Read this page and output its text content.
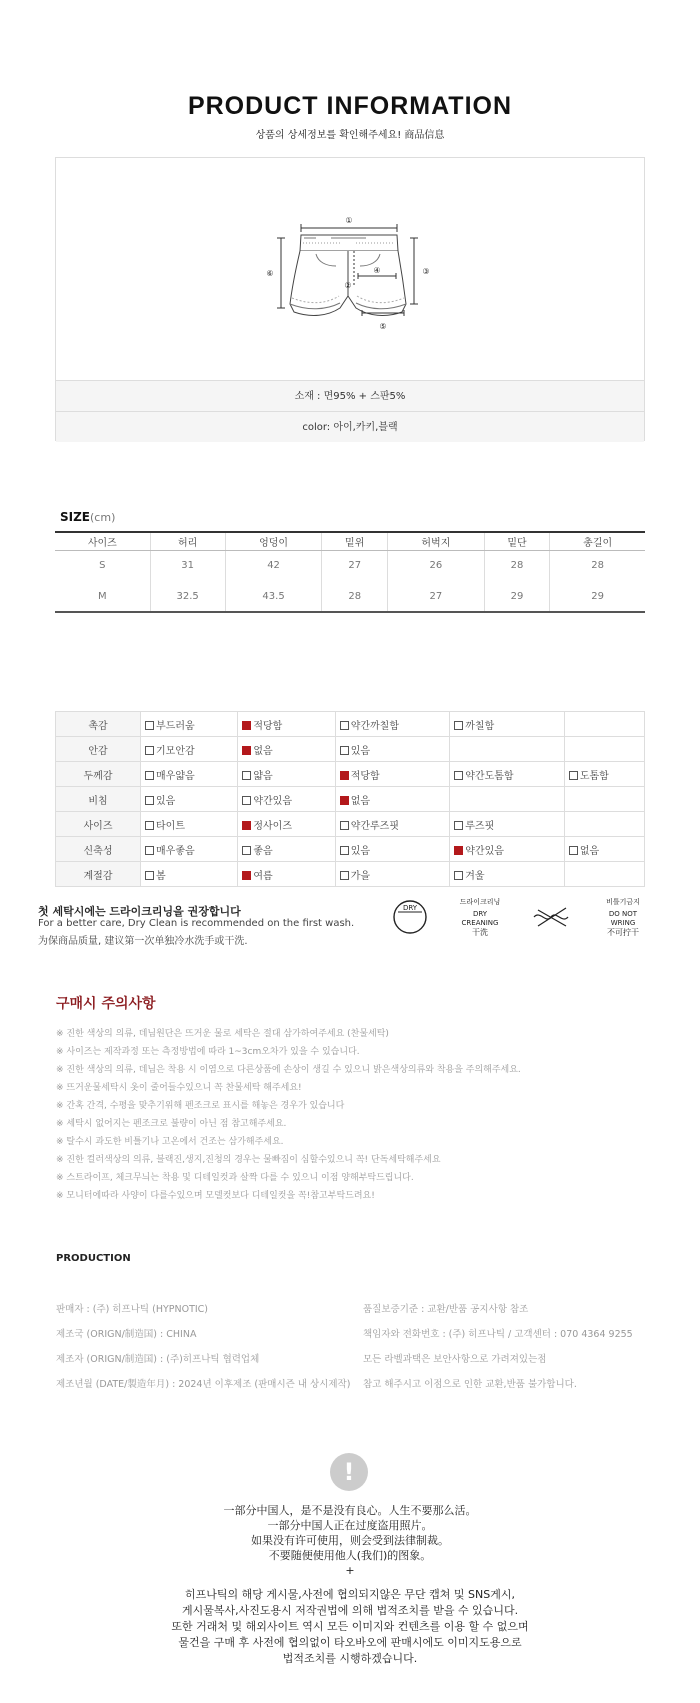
PRODUCT INFORMATION
상품의 상세정보를 확인해주세요! 商品信息
①
②
③
④
⑤
⑥
소재 : 면95% + 스판5%
color: 아이,카키,블랙
SIZE(cm)
사이즈	허리	엉덩이	밑위	허벅지	밑단	총길이
S	31	42	27	26	28	28
M	32.5	43.5	28	27	29	29
촉감	부드러움	적당함	약간까칠함	까칠함	
안감	기모안감	없음	있음		
두께감	매우얇음	얇음	적당함	약간도톰함	도톰함
비침	있음	약간있음	없음		
사이즈	타이트	정사이즈	약간루즈핏	루즈핏	
신축성	매우좋음	좋음	있음	약간있음	없음
계절감	봄	여름	가을	겨울	
첫 세탁시에는 드라이크리닝을 권장합니다
For a better care, Dry Clean is recommended on the first wash.
为保商品质量, 建议第一次单独冷水洗手或干洗.
DRY
드라이크리닝
DRY
CREANING
干洗
비틀기금지
DO NOT
WRING
不可拧干
구매시 주의사항
※ 진한 색상의 의류, 데님원단은 뜨거운 물로 세탁은 절대 삼가하여주세요 (찬물세탁)
※ 사이즈는 제작과정 또는 측정방법에 따라 1~3cm오차가 있을 수 있습니다.
※ 진한 색상의 의류, 데님은 착용 시 이염으로 다른상품에 손상이 생길 수 있으니 밝은색상의류와 착용을 주의해주세요.
※ 뜨거운물세탁시 옷이 줄어들수있으니 꼭 찬물세탁 해주세요!
※ 간혹 간격, 수평을 맞추기위해 펜조크로 표시를 해놓은 경우가 있습니다
※ 세탁시 없어지는 펜조크로 불량이 아닌 점 참고해주세요.
※ 탈수시 과도한 비틀기나 고온에서 건조는 삼가해주세요.
※ 진한 컬러색상의 의류, 블랙진,생지,진청의 경우는 물빠짐이 심할수있으니 꼭! 단독세탁해주세요
※ 스트라이프, 체크무늬는 착용 및 디테일컷과 살짝 다를 수 있으니 이점 양해부탁드립니다.
※ 모니터에따라 사양이 다를수있으며 모델컷보다 디테일컷을 꼭!참고부탁드려요!
PRODUCTION
판매자 : (주) 히프나틱 (HYPNOTIC)
제조국 (ORIGN/制造国) : CHINA
제조자 (ORIGN/制造国) : (주)히프나틱 협력업체
제조년월 (DATE/製造年月) : 2024년 이후제조 (판매시즌 내 상시제작)
품질보증기준 : 교환/반품 공지사항 참조
책임자와 전화번호 : (주) 히프나틱 / 고객센터 : 070 4364 9255
모든 라벨과택은 보안사항으로 가려져있는점
참고 해주시고 이점으로 인한 교환,반품 불가합니다.
!
一部分中国人，是不是没有良心。人生不要那么活。
一部分中国人正在过度盗用照片。
如果没有许可使用，则会受到法律制裁。
不要随便使用他人(我们)的图象。
+
히프나틱의 해당 게시물,사전에 협의되지않은 무단 캡쳐 및 SNS게시,
게시물복사,사진도용시 저작권법에 의해 법적조치를 받을 수 있습니다.
또한 거래처 및 해외사이트 역시 모든 이미지와 컨텐츠를 이용 할 수 없으며
물건을 구매 후 사전에 협의없이 타오바오에 판매시에도 이미지도용으로
법적조치를 시행하겠습니다.
